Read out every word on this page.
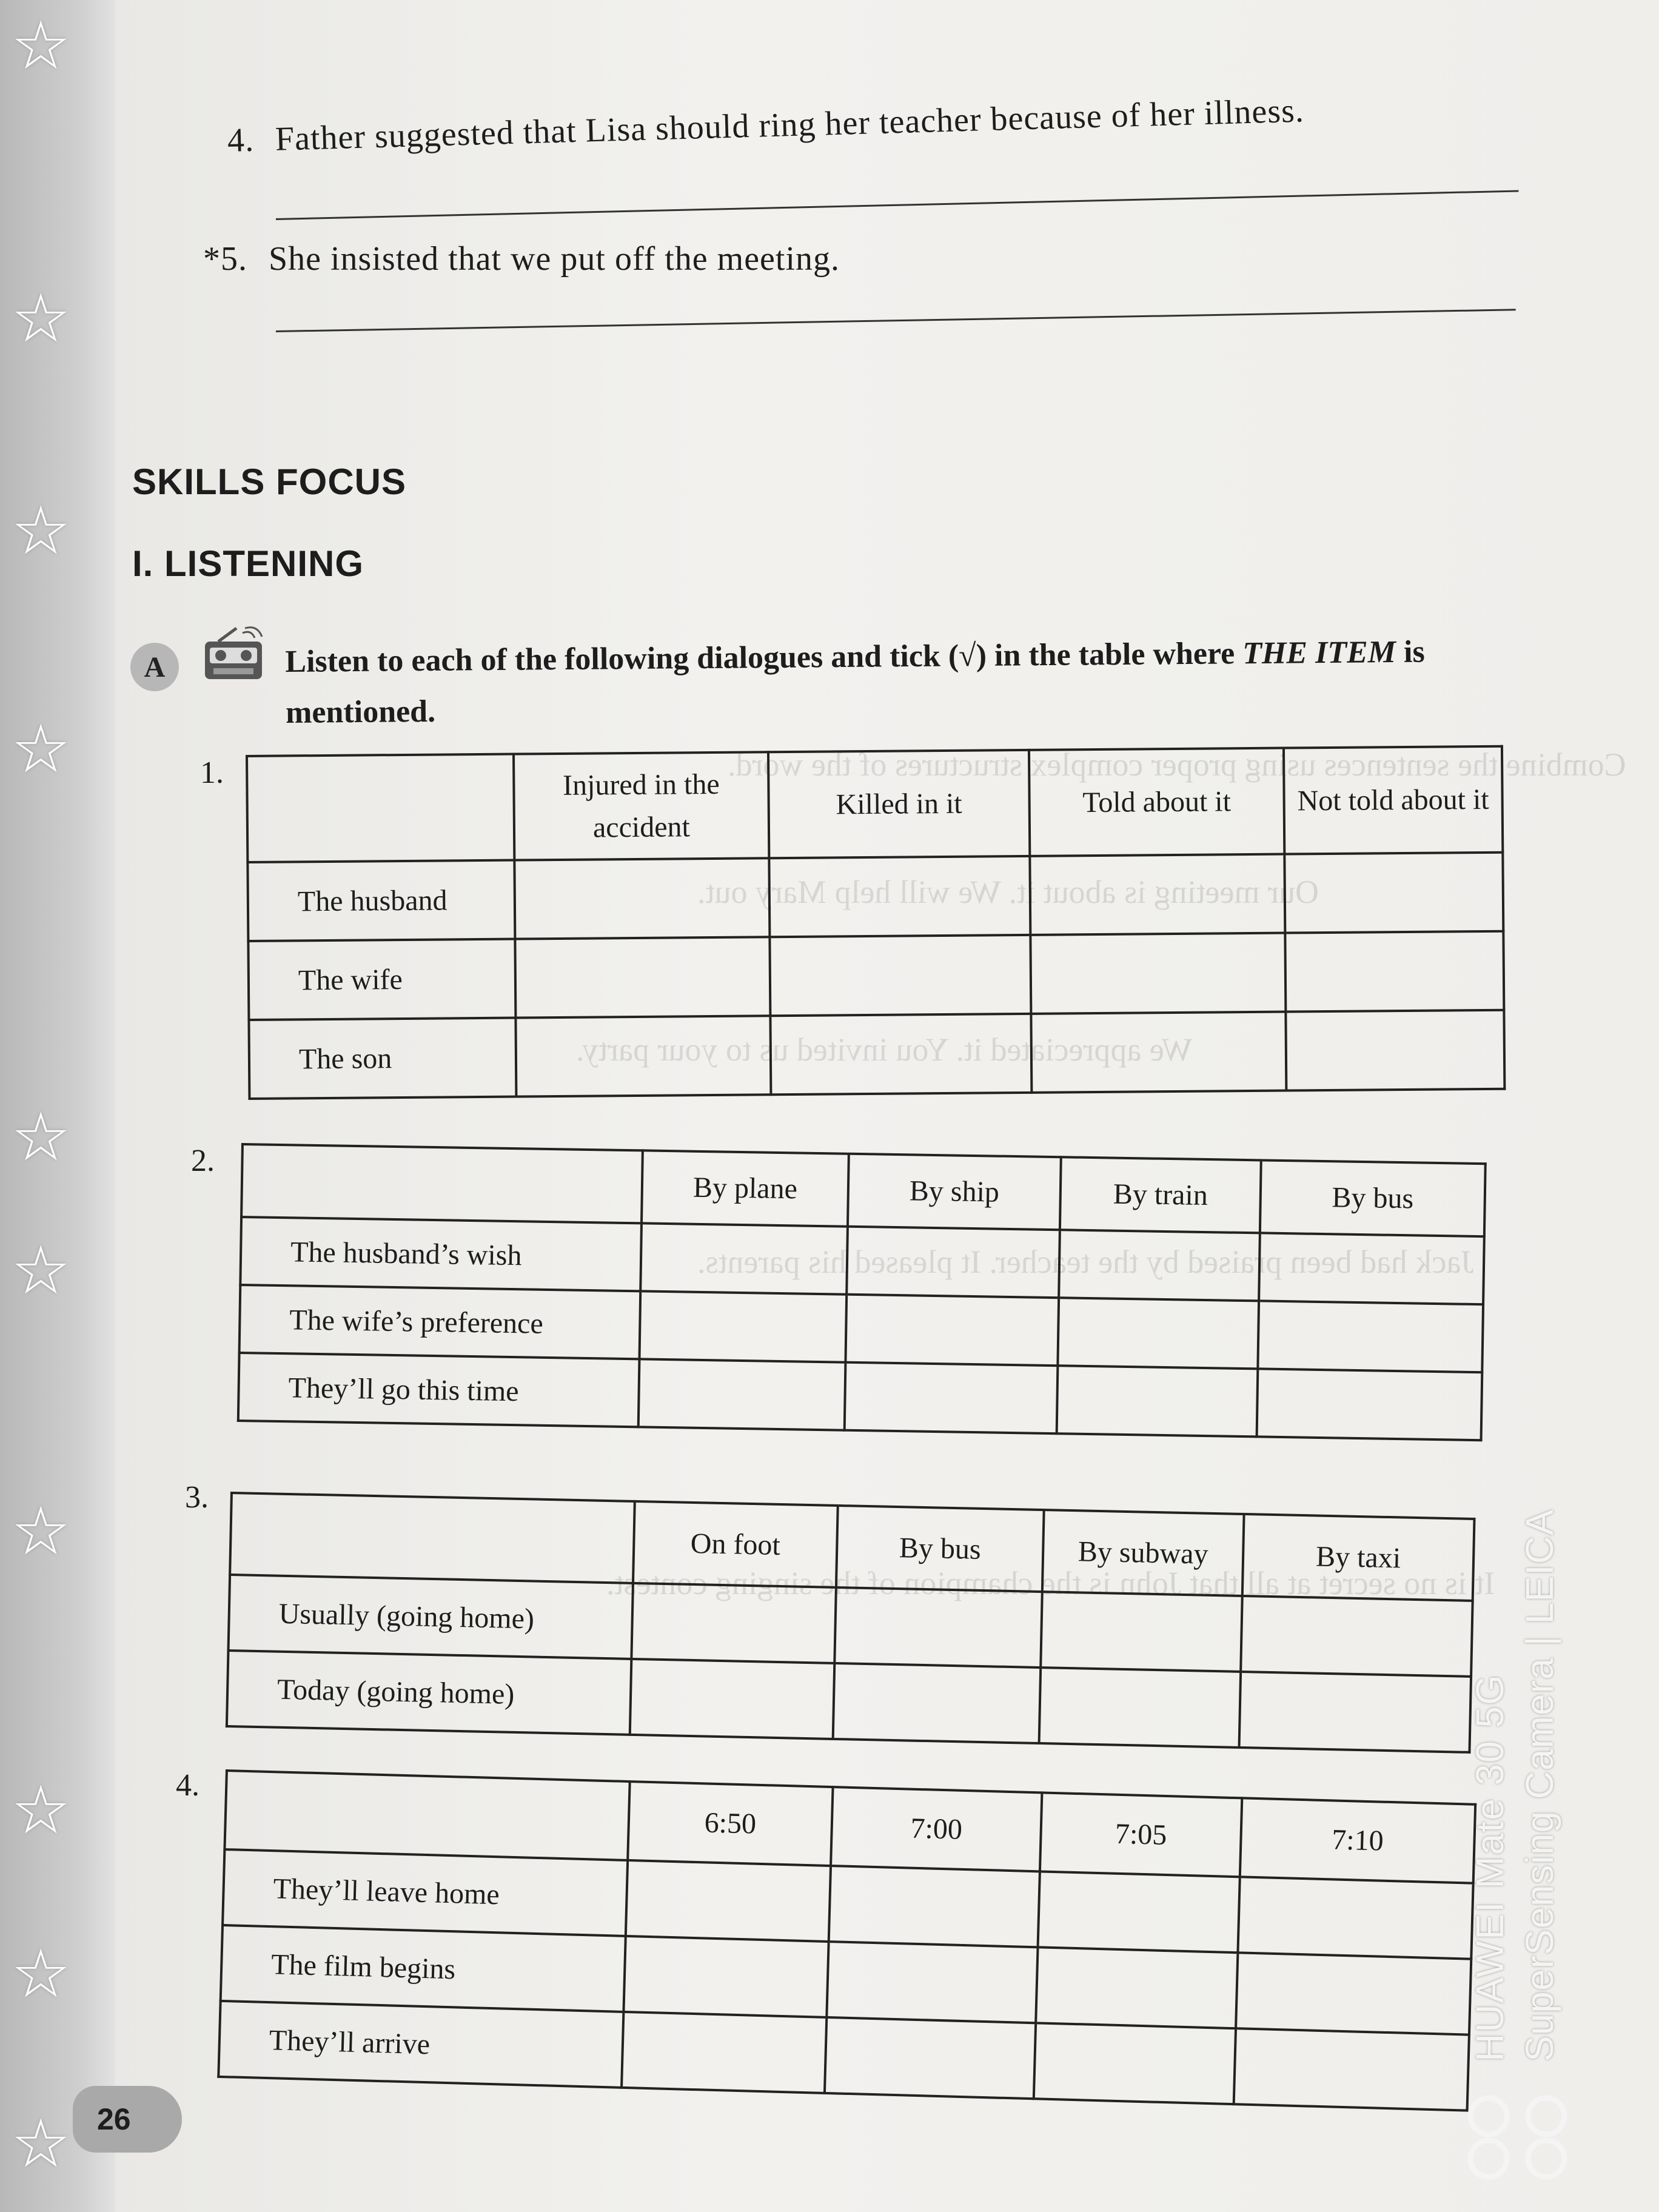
☆
☆
☆
☆
☆
☆
☆
☆
☆
☆
Combine the sentences using proper complex structures of the word.
Our meeting is about it. We will help Mary out.
We appreciated it. You invited us to your party.
Jack had been praised by the teacher. It pleased his parents.
It is no secret at all that John is the champion of the singing contest.
4. Father suggested that Lisa should ring her teacher because of her illness.
*5. She insisted that we put off the meeting.
SKILLS FOCUS
I. LISTENING
A	Listen to each of the following dialogues and tick (√) in the table where THE ITEM is mentioned.
1.
		Injured in the accident	Killed in it	Told about it	Not told about it
The husband				
The wife				
The son				
2.
	By plane	By ship	By train	By bus
The husband’s wish				
The wife’s preference				
They’ll go this time				
3.
	On foot	By bus	By subway	By taxi
Usually (going home)				
Today (going home)				
4.
	6:50	7:00	7:05	7:10
They’ll leave home				
The film begins				
They’ll arrive				
26
HUAWEI Mate 30 5G SuperSensing Camera | LEICA
